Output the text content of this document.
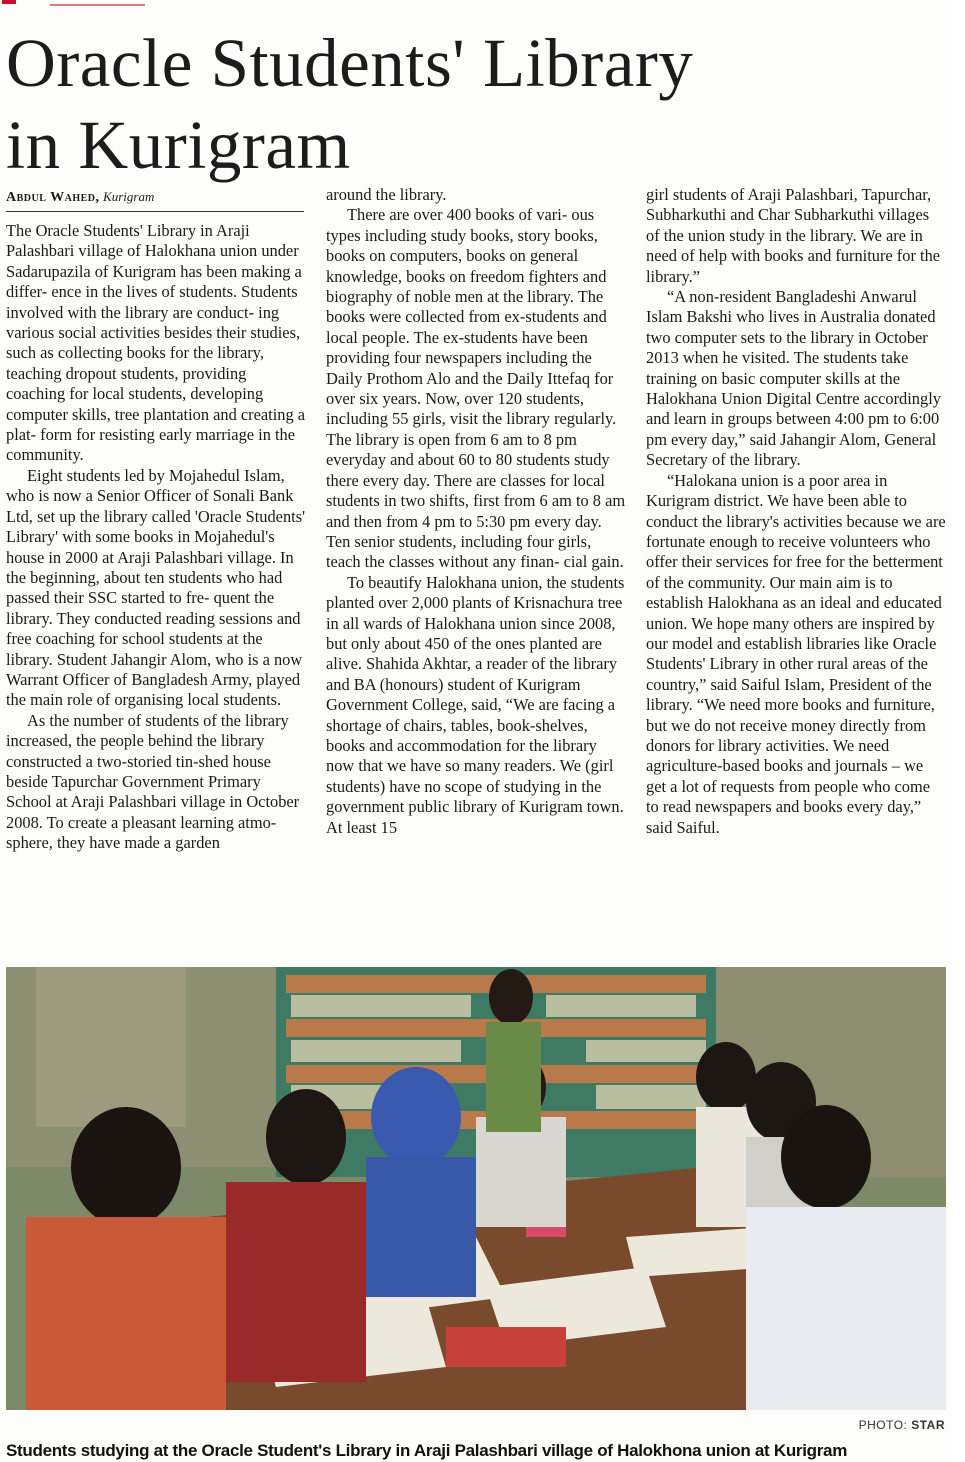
Oracle Students' Library
in Kurigram
Abdul Wahed, Kurigram

The Oracle Students' Library in Araji Palashbari village of Halokhana union under Sadarupazila of Kurigram has been making a differ- ence in the lives of students. Students involved with the library are conduct- ing various social activities besides their studies, such as collecting books for the library, teaching dropout students, providing coaching for local students, developing computer skills, tree plantation and creating a plat- form for resisting early marriage in the community.

Eight students led by Mojahedul Islam, who is now a Senior Officer of Sonali Bank Ltd, set up the library called 'Oracle Students' Library' with some books in Mojahedul's house in 2000 at Araji Palashbari village. In the beginning, about ten students who had passed their SSC started to fre- quent the library. They conducted reading sessions and free coaching for school students at the library. Student Jahangir Alom, who is a now Warrant Officer of Bangladesh Army, played the main role of organising local students.

As the number of students of the library increased, the people behind the library constructed a two-storied tin-shed house beside Tapurchar Government Primary School at Araji Palashbari village in October 2008. To create a pleasant learning atmo- sphere, they have made a garden

around the library.

There are over 400 books of vari- ous types including study books, story books, books on computers, books on general knowledge, books on freedom fighters and biography of noble men at the library. The books were collected from ex-students and local people. The ex-students have been providing four newspapers including the Daily Prothom Alo and the Daily Ittefaq for over six years. Now, over 120 students, including 55 girls, visit the library regularly. The library is open from 6 am to 8 pm everyday and about 60 to 80 students study there every day. There are classes for local students in two shifts, first from 6 am to 8 am and then from 4 pm to 5:30 pm every day. Ten senior students, including four girls, teach the classes without any finan- cial gain.

To beautify Halokhana union, the students planted over 2,000 plants of Krisnachura tree in all wards of Halokhana union since 2008, but only about 450 of the ones planted are alive. Shahida Akhtar, a reader of the library and BA (honours) student of Kurigram Government College, said, “We are facing a shortage of chairs, tables, book-shelves, books and accommodation for the library now that we have so many readers. We (girl students) have no scope of studying in the government public library of Kurigram town. At least 15

girl students of Araji Palashbari, Tapurchar, Subharkuthi and Char Subharkuthi villages of the union study in the library. We are in need of help with books and furniture for the library.”

“A non-resident Bangladeshi Anwarul Islam Bakshi who lives in Australia donated two computer sets to the library in October 2013 when he visited. The students take training on basic computer skills at the Halokhana Union Digital Centre accordingly and learn in groups between 4:00 pm to 6:00 pm every day,” said Jahangir Alom, General Secretary of the library.

“Halokana union is a poor area in Kurigram district. We have been able to conduct the library's activities because we are fortunate enough to receive volunteers who offer their services for free for the betterment of the community. Our main aim is to establish Halokhana as an ideal and educated union. We hope many others are inspired by our model and establish libraries like Oracle Students' Library in other rural areas of the country,” said Saiful Islam, President of the library. “We need more books and furniture, but we do not receive money directly from donors for library activities. We need agriculture-based books and journals – we get a lot of requests from people who come to read newspapers and books every day,” said Saiful.

PHOTO: STAR
Students studying at the Oracle Student's Library in Araji Palashbari village of Halokhona union at Kurigram
